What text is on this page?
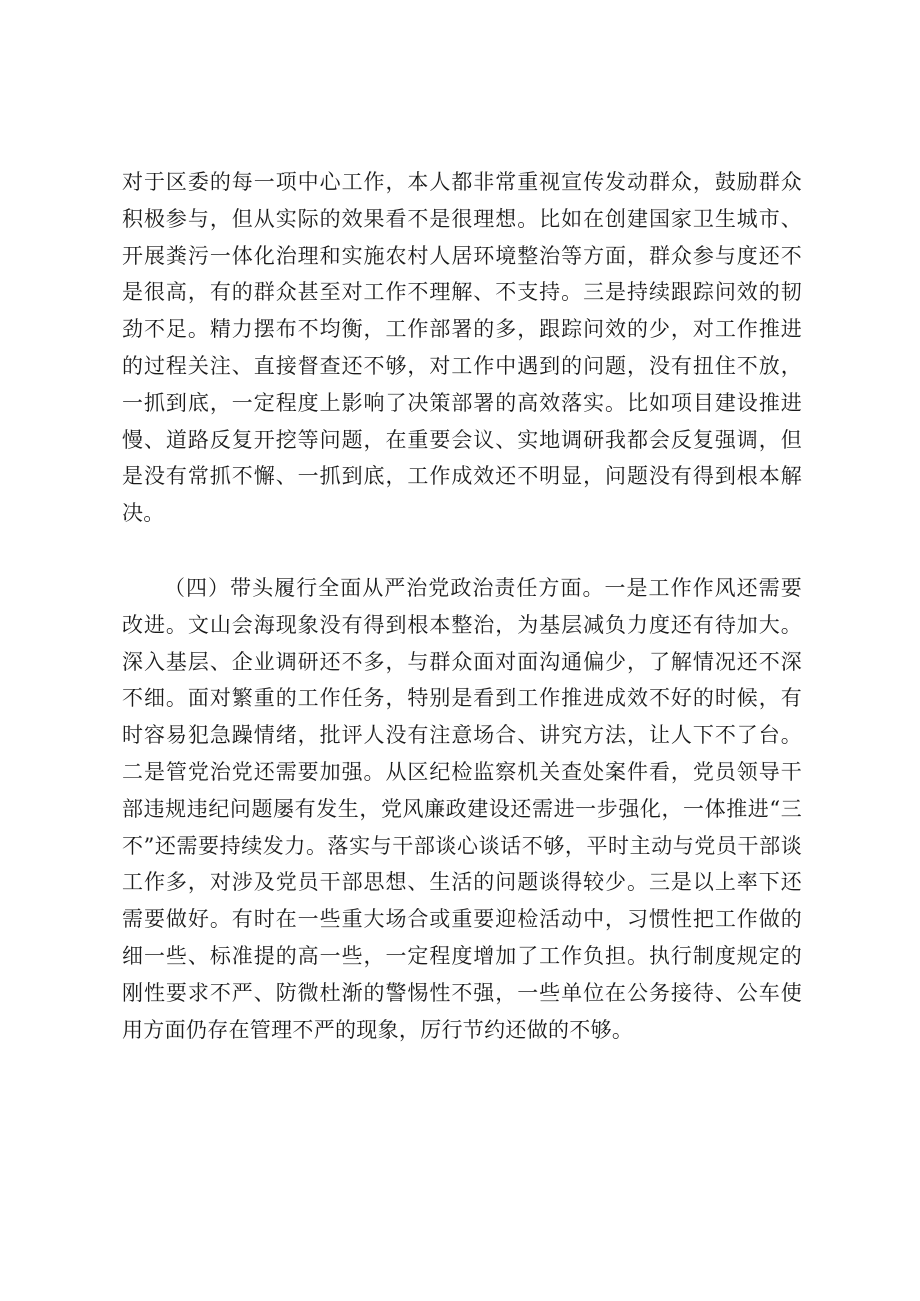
对于区委的每一项中心工作，本人都非常重视宣传发动群众，鼓励群众积极参与，但从实际的效果看不是很理想。比如在创建国家卫生城市、开展粪污一体化治理和实施农村人居环境整治等方面，群众参与度还不是很高，有的群众甚至对工作不理解、不支持。三是持续跟踪问效的韧劲不足。精力摆布不均衡，工作部署的多，跟踪问效的少，对工作推进的过程关注、直接督查还不够，对工作中遇到的问题，没有扭住不放，一抓到底，一定程度上影响了决策部署的高效落实。比如项目建设推进慢、道路反复开挖等问题，在重要会议、实地调研我都会反复强调，但是没有常抓不懈、一抓到底，工作成效还不明显，问题没有得到根本解决。

（四）带头履行全面从严治党政治责任方面。一是工作作风还需要改进。文山会海现象没有得到根本整治，为基层减负力度还有待加大。深入基层、企业调研还不多，与群众面对面沟通偏少，了解情况还不深不细。面对繁重的工作任务，特别是看到工作推进成效不好的时候，有时容易犯急躁情绪，批评人没有注意场合、讲究方法，让人下不了台。二是管党治党还需要加强。从区纪检监察机关查处案件看，党员领导干部违规违纪问题屡有发生，党风廉政建设还需进一步强化，一体推进“三不”还需要持续发力。落实与干部谈心谈话不够，平时主动与党员干部谈工作多，对涉及党员干部思想、生活的问题谈得较少。三是以上率下还需要做好。有时在一些重大场合或重要迎检活动中，习惯性把工作做的细一些、标准提的高一些，一定程度增加了工作负担。执行制度规定的刚性要求不严、防微杜渐的警惕性不强，一些单位在公务接待、公车使用方面仍存在管理不严的现象，厉行节约还做的不够。
